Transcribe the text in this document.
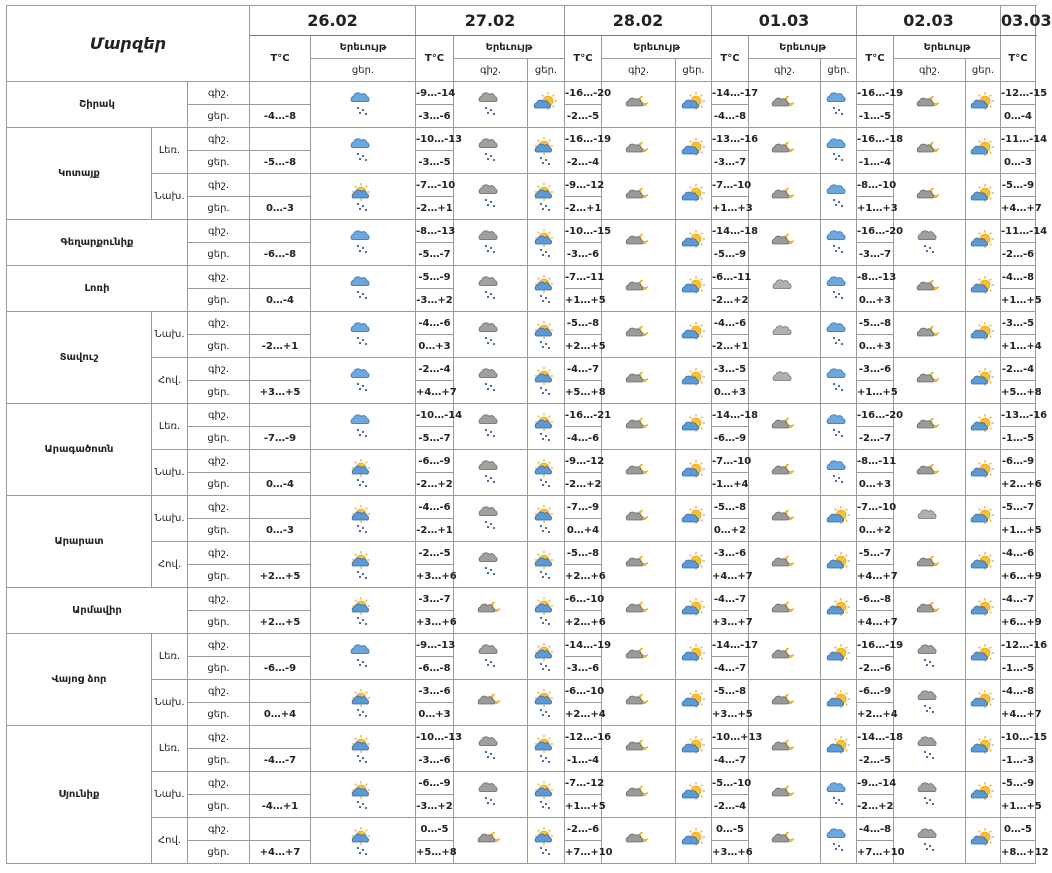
Մարզեր			26.02		27.02			28.02			01.03			02.03			03.03	
			T°C	Երեւույթ	T°C	Երեւույթ		T°C	Երեւույթ		T°C	Երեւույթ		T°C	Երեւույթ		T°C	
				ցեր.		գիշ.	ցեր.		գիշ.	ցեր.		գիշ.	ցեր.		գիշ.	ցեր.		
Շիրակ		գիշ.			-9…-14			-16…-20			-14…-17			-16…-19			-12…-15	

		ցեր.	-4…-8		-3…-6			-2…-5			-4…-8			-1…-5			0…-4	
Կոտայք	Լեռ.	գիշ.			-10…-13			-16…-19			-13…-16			-16…-18			-11…-14	

		ցեր.	-5…-8		-3…-5			-2…-4			-3…-7			-1…-4			0…-3	
	Նախ.	գիշ.			-7…-10			-9…-12			-7…-10			-8…-10			-5…-9	

		ցեր.	0…-3		-2…+1			-2…+1			+1…+3			+1…+3			+4…+7	
Գեղարքունիք		գիշ.			-8…-13			-10…-15			-14…-18			-16…-20			-11…-14	

		ցեր.	-6…-8		-5…-7			-3…-6			-5…-9			-3…-7			-2…-6	
Լոռի		գիշ.			-5…-9			-7…-11			-6…-11			-8…-13			-4…-8	

		ցեր.	0…-4		-3…+2			+1…+5			-2…+2			0…+3			+1…+5	
Տավուշ	Նախ.	գիշ.			-4…-6			-5…-8			-4…-6			-5…-8			-3…-5	

		ցեր.	-2…+1		0…+3			+2…+5			-2…+1			0…+3			+1…+4	
	Հով.	գիշ.			-2…-4			-4…-7			-3…-5			-3…-6			-2…-4	

		ցեր.	+3…+5		+4…+7			+5…+8			0…+3			+1…+5			+5…+8	
Արագածոտն	Լեռ.	գիշ.			-10…-14			-16…-21			-14…-18			-16…-20			-13…-16	

		ցեր.	-7…-9		-5…-7			-4…-6			-6…-9			-2…-7			-1…-5	
	Նախ.	գիշ.			-6…-9			-9…-12			-7…-10			-8…-11			-6…-9	

		ցեր.	0…-4		-2…+2			-2…+2			-1…+4			0…+3			+2…+6	
Արարատ	Նախ.	գիշ.			-4…-6			-7…-9			-5…-8			-7…-10			-5…-7	

		ցեր.	0…-3		-2…+1			0…+4			0…+2			0…+2			+1…+5	
	Հով.	գիշ.			-2…-5			-5…-8			-3…-6			-5…-7			-4…-6	

		ցեր.	+2…+5		+3…+6			+2…+6			+4…+7			+4…+7			+6…+9	
Արմավիր		գիշ.			-3…-7			-6…-10			-4…-7			-6…-8			-4…-7	

		ցեր.	+2…+5		+3…+6			+2…+6			+3…+7			+4…+7			+6…+9	
Վայոց ձոր	Լեռ.	գիշ.			-9…-13			-14…-19			-14…-17			-16…-19			-12…-16	

		ցեր.	-6…-9		-6…-8			-3…-6			-4…-7			-2…-6			-1…-5	
	Նախ.	գիշ.			-3…-6			-6…-10			-5…-8			-6…-9			-4…-8	

		ցեր.	0…+4		0…+3			+2…+4			+3…+5			+2…+4			+4…+7	
Սյունիք	Լեռ.	գիշ.			-10…-13			-12…-16			-10…+13			-14…-18			-10…-15	

		ցեր.	-4…-7		-3…-6			-1…-4			-4…-7			-2…-5			-1…-3	
	Նախ.	գիշ.			-6…-9			-7…-12			-5…-10			-9…-14			-5…-9	

		ցեր.	-4…+1		-3…+2			+1…+5			-2…-4			-2…+2			+1…+5	
	Հով.	գիշ.			0…-5			-2…-6			0…-5			-4…-8			0…-5	

		ցեր.	+4…+7		+5…+8			+7…+10			+3…+6			+7…+10			+8…+12	
